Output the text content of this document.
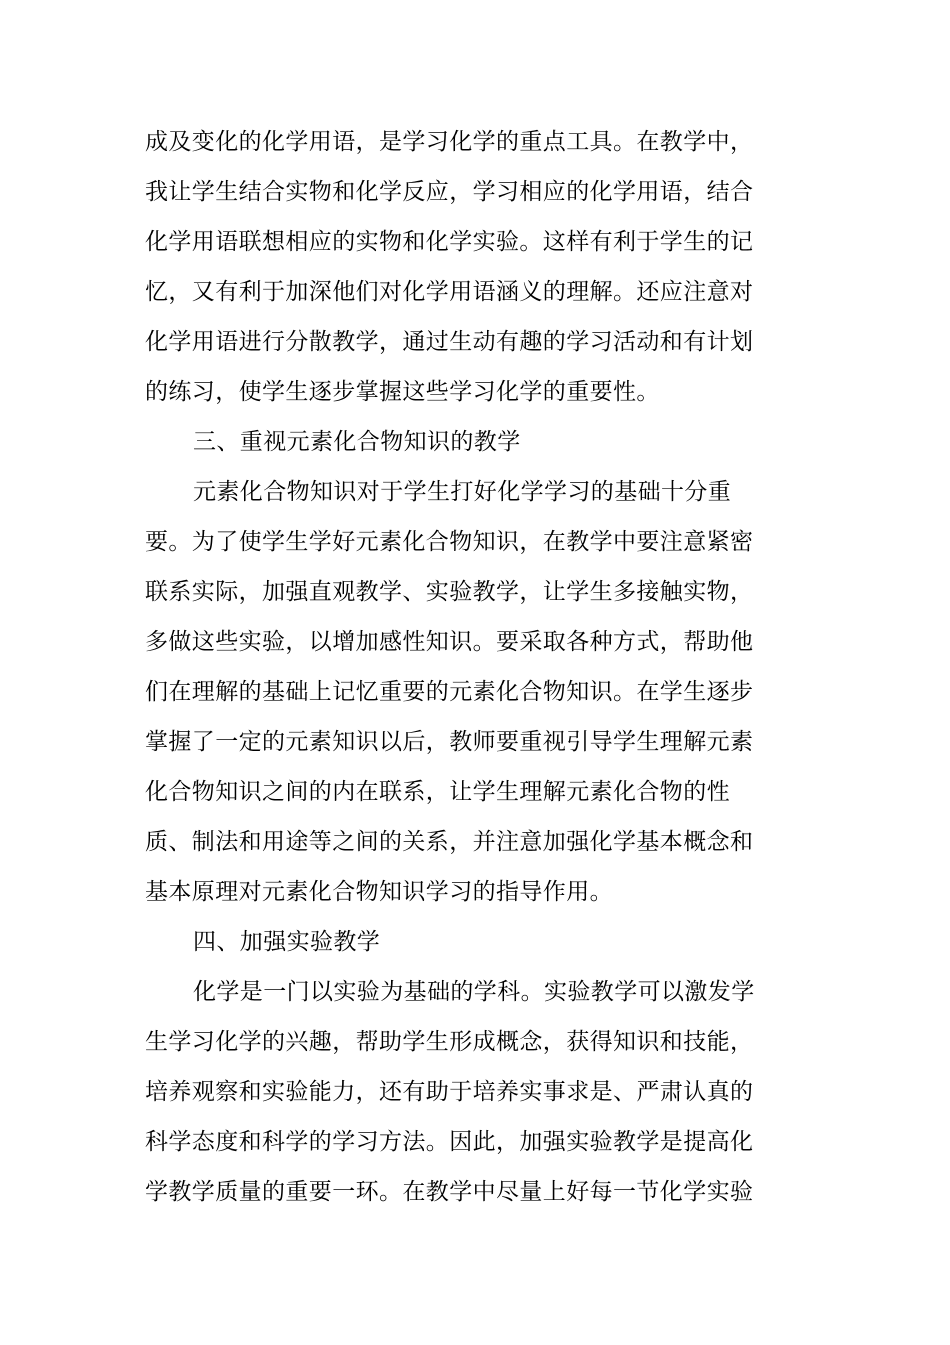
成及变化的化学用语，是学习化学的重点工具。在教学中，
我让学生结合实物和化学反应，学习相应的化学用语，结合
化学用语联想相应的实物和化学实验。这样有利于学生的记
忆，又有利于加深他们对化学用语涵义的理解。还应注意对
化学用语进行分散教学，通过生动有趣的学习活动和有计划
的练习，使学生逐步掌握这些学习化学的重要性。
三、重视元素化合物知识的教学
元素化合物知识对于学生打好化学学习的基础十分重
要。为了使学生学好元素化合物知识，在教学中要注意紧密
联系实际，加强直观教学、实验教学，让学生多接触实物，
多做这些实验，以增加感性知识。要采取各种方式，帮助他
们在理解的基础上记忆重要的元素化合物知识。在学生逐步
掌握了一定的元素知识以后，教师要重视引导学生理解元素
化合物知识之间的内在联系，让学生理解元素化合物的性
质、制法和用途等之间的关系，并注意加强化学基本概念和
基本原理对元素化合物知识学习的指导作用。
四、加强实验教学
化学是一门以实验为基础的学科。实验教学可以激发学
生学习化学的兴趣，帮助学生形成概念，获得知识和技能，
培养观察和实验能力，还有助于培养实事求是、严肃认真的
科学态度和科学的学习方法。因此，加强实验教学是提高化
学教学质量的重要一环。在教学中尽量上好每一节化学实验
